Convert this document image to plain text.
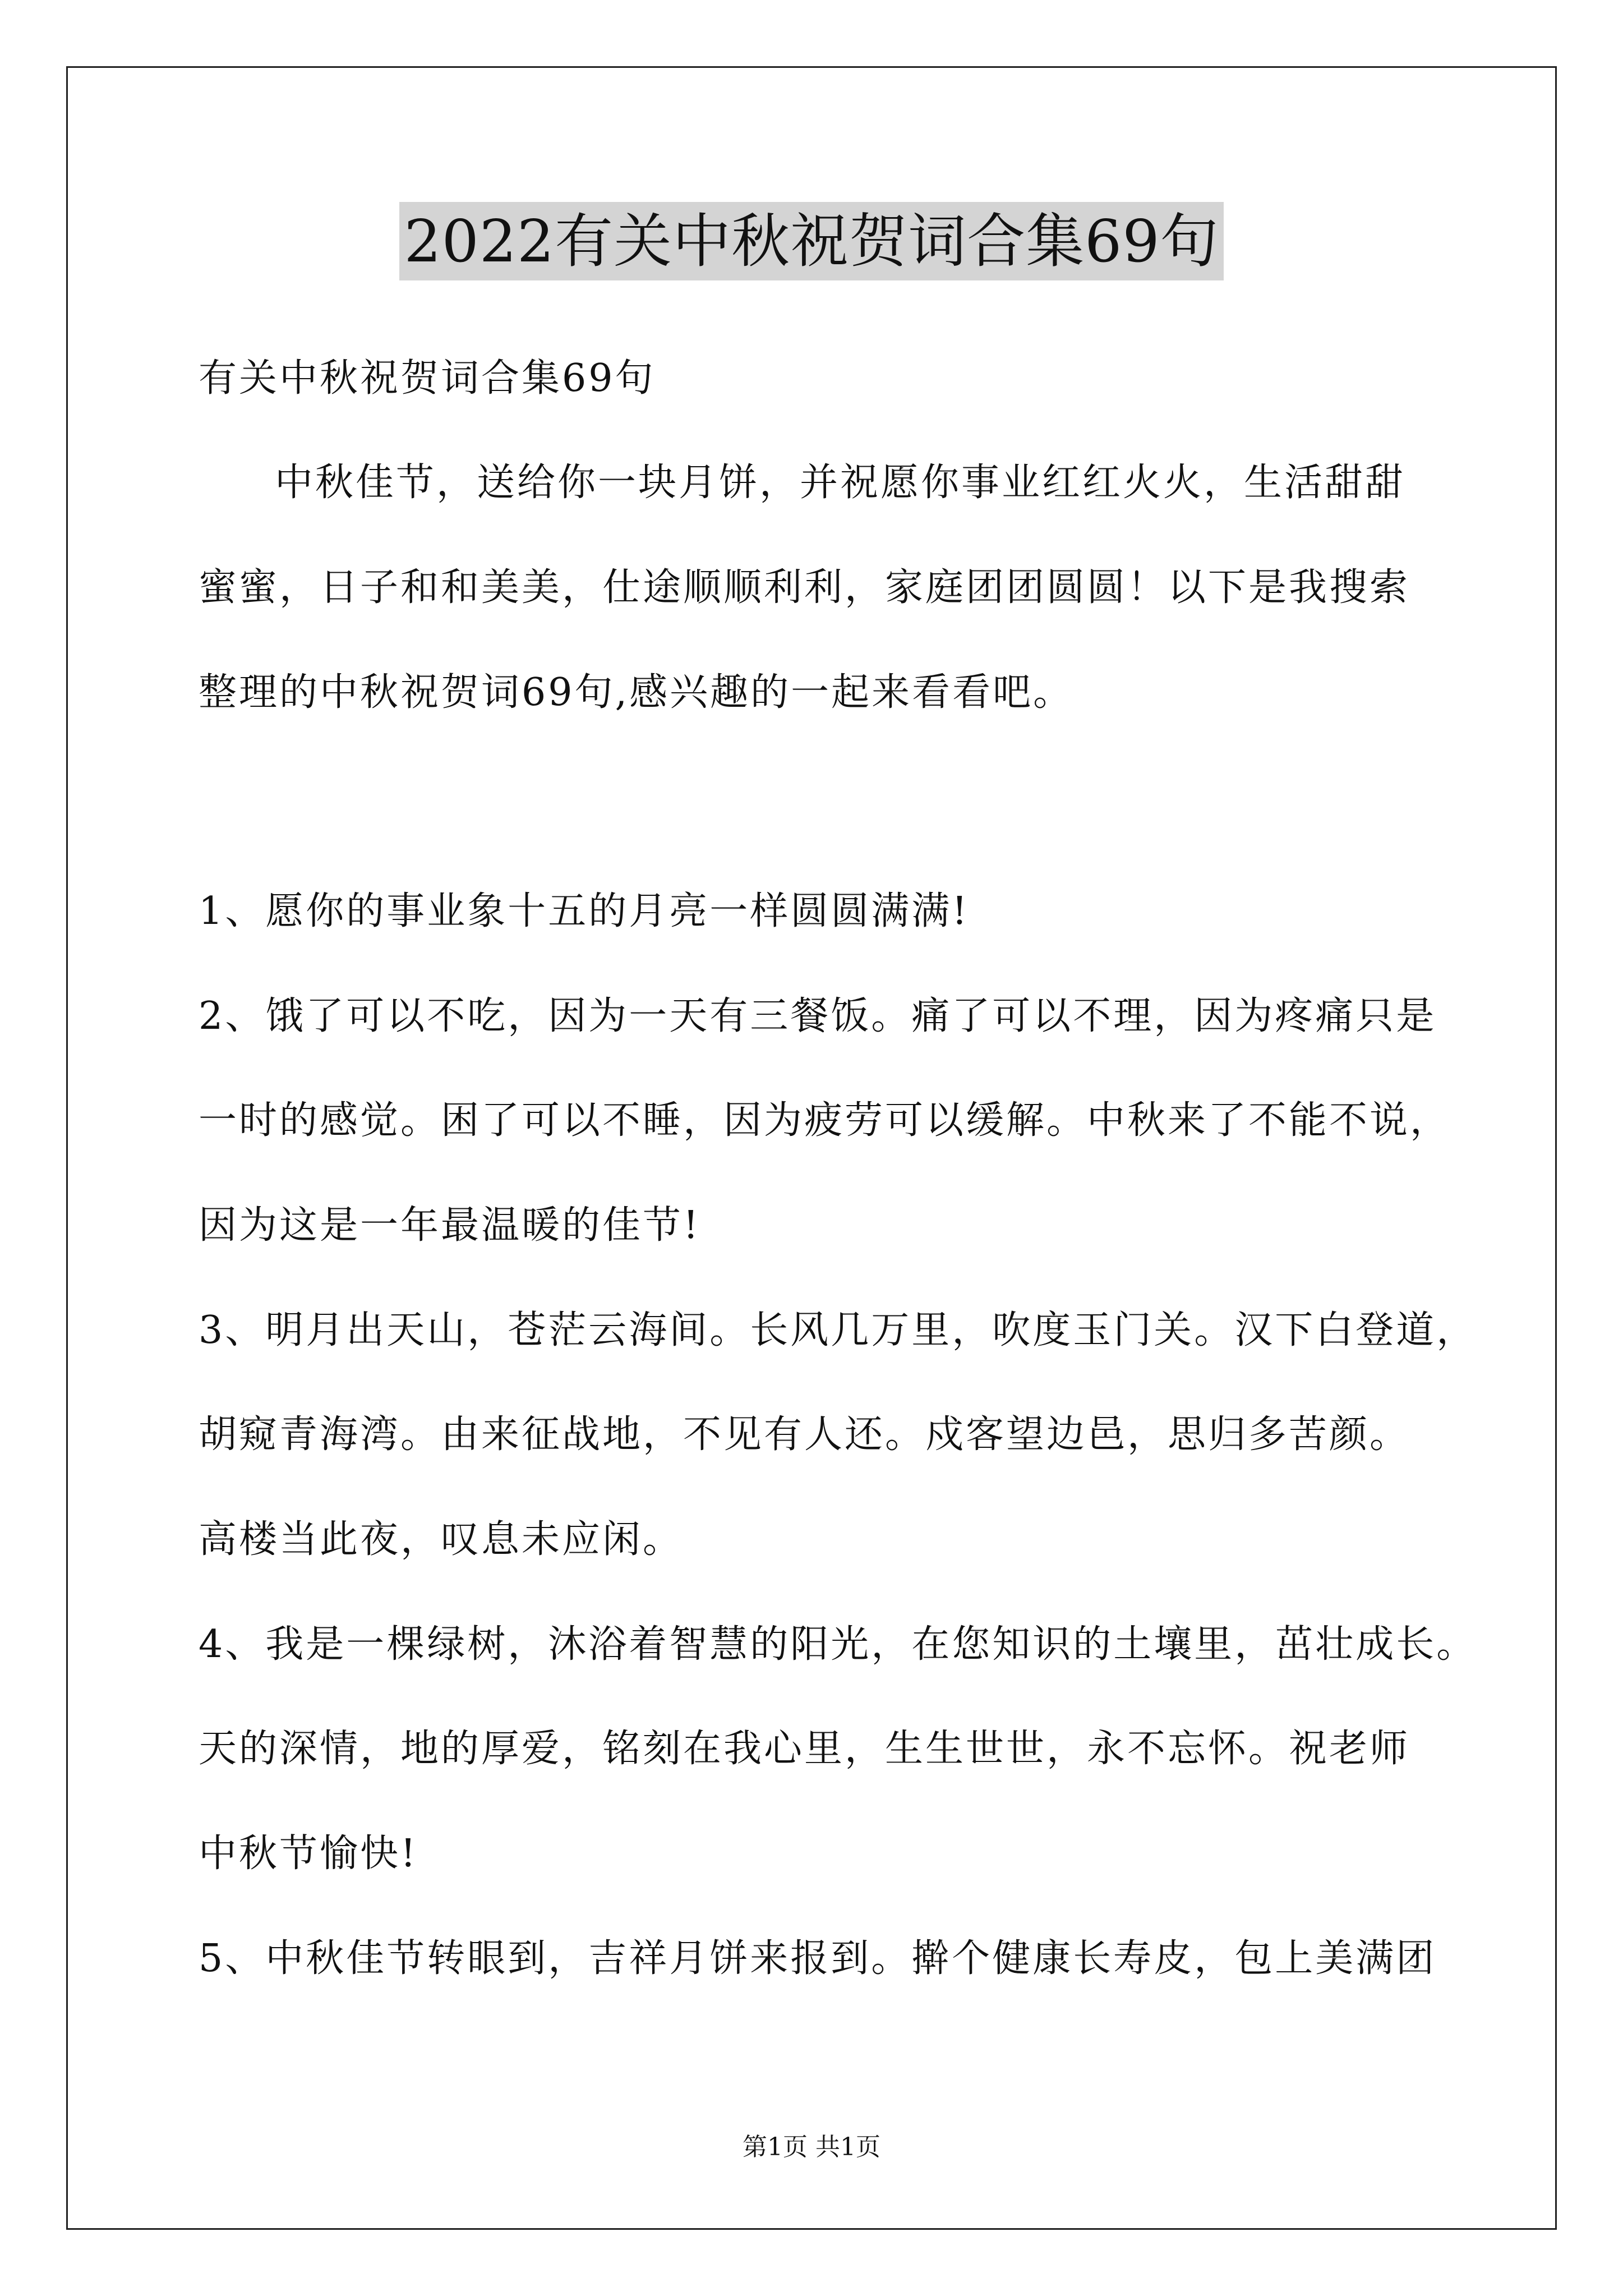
2022有关中秋祝贺词合集69句
有关中秋祝贺词合集69句
中秋佳节，送给你一块月饼，并祝愿你事业红红火火，生活甜甜
蜜蜜，日子和和美美，仕途顺顺利利，家庭团团圆圆！以下是我搜索
整理的中秋祝贺词69句,感兴趣的一起来看看吧。
1、愿你的事业象十五的月亮一样圆圆满满!
2、饿了可以不吃，因为一天有三餐饭。痛了可以不理，因为疼痛只是
一时的感觉。困了可以不睡，因为疲劳可以缓解。中秋来了不能不说，
因为这是一年最温暖的佳节!
3、明月出天山，苍茫云海间。长风几万里，吹度玉门关。汉下白登道，
胡窥青海湾。由来征战地，不见有人还。戍客望边邑，思归多苦颜。
高楼当此夜，叹息未应闲。
4、我是一棵绿树，沐浴着智慧的阳光，在您知识的土壤里，茁壮成长。
天的深情，地的厚爱，铭刻在我心里，生生世世，永不忘怀。祝老师
中秋节愉快!
5、中秋佳节转眼到，吉祥月饼来报到。擀个健康长寿皮，包上美满团
第1页 共1页
